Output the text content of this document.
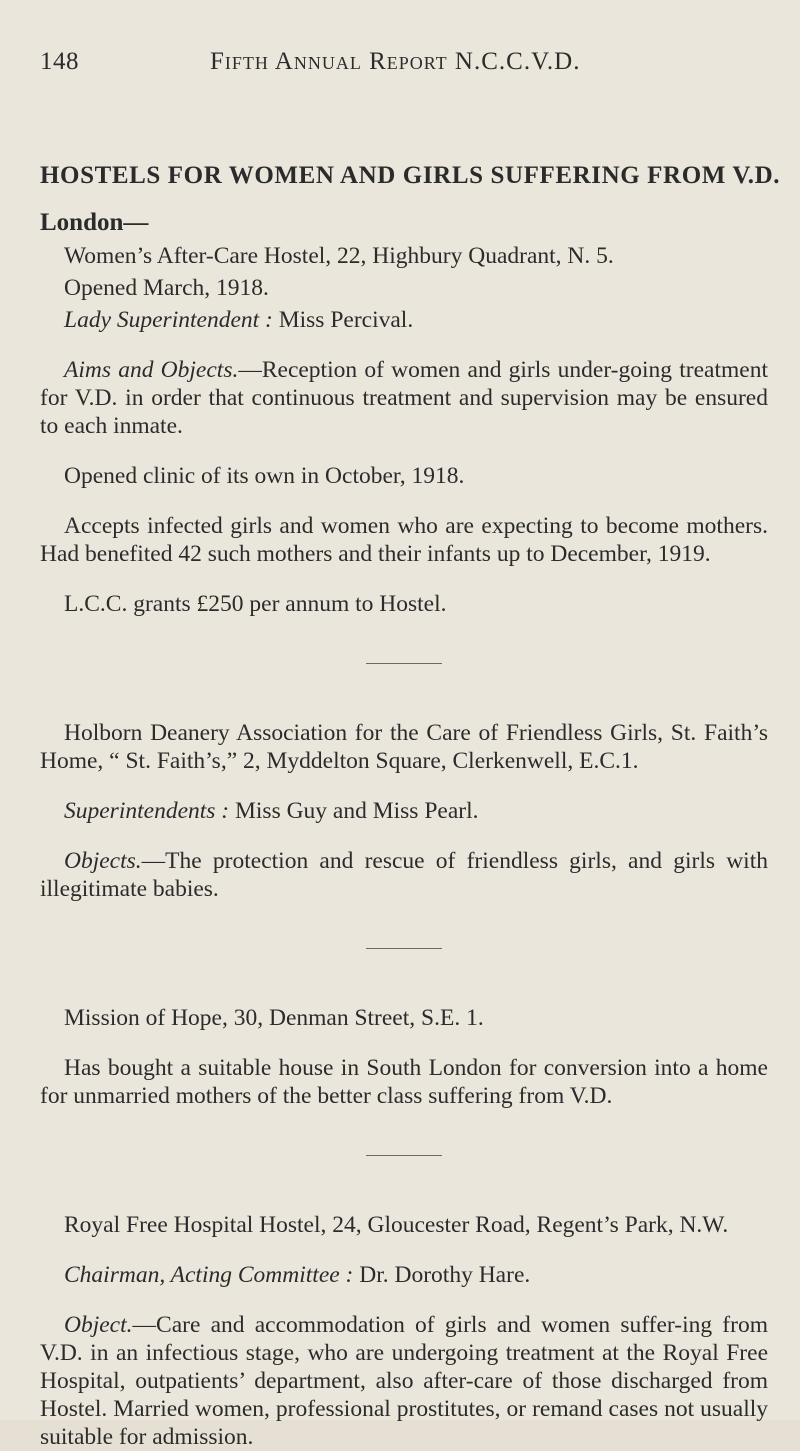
148	Fifth Annual Report N.C.C.V.D.
HOSTELS FOR WOMEN AND GIRLS SUFFERING FROM V.D.
London—

Women’s After-Care Hostel, 22, Highbury Quadrant, N. 5.

Opened March, 1918.

Lady Superintendent : Miss Percival.

Aims and Objects.—Reception of women and girls under-going treatment for V.D. in order that continuous treatment and supervision may be ensured to each inmate.

Opened clinic of its own in October, 1918.

Accepts infected girls and women who are expecting to become mothers. Had benefited 42 such mothers and their infants up to December, 1919.

L.C.C. grants £250 per annum to Hostel.

Holborn Deanery Association for the Care of Friendless Girls, St. Faith’s Home, “ St. Faith’s,” 2, Myddelton Square, Clerkenwell, E.C.1.

Superintendents : Miss Guy and Miss Pearl.

Objects.—The protection and rescue of friendless girls, and girls with illegitimate babies.

Mission of Hope, 30, Denman Street, S.E. 1.

Has bought a suitable house in South London for conversion into a home for unmarried mothers of the better class suffering from V.D.

Royal Free Hospital Hostel, 24, Gloucester Road, Regent’s Park, N.W.

Chairman, Acting Committee : Dr. Dorothy Hare.

Object.—Care and accommodation of girls and women suffer-ing from V.D. in an infectious stage, who are undergoing treatment at the Royal Free Hospital, outpatients’ department, also after-care of those discharged from Hostel. Married women, professional prostitutes, or remand cases not usually suitable for admission.
